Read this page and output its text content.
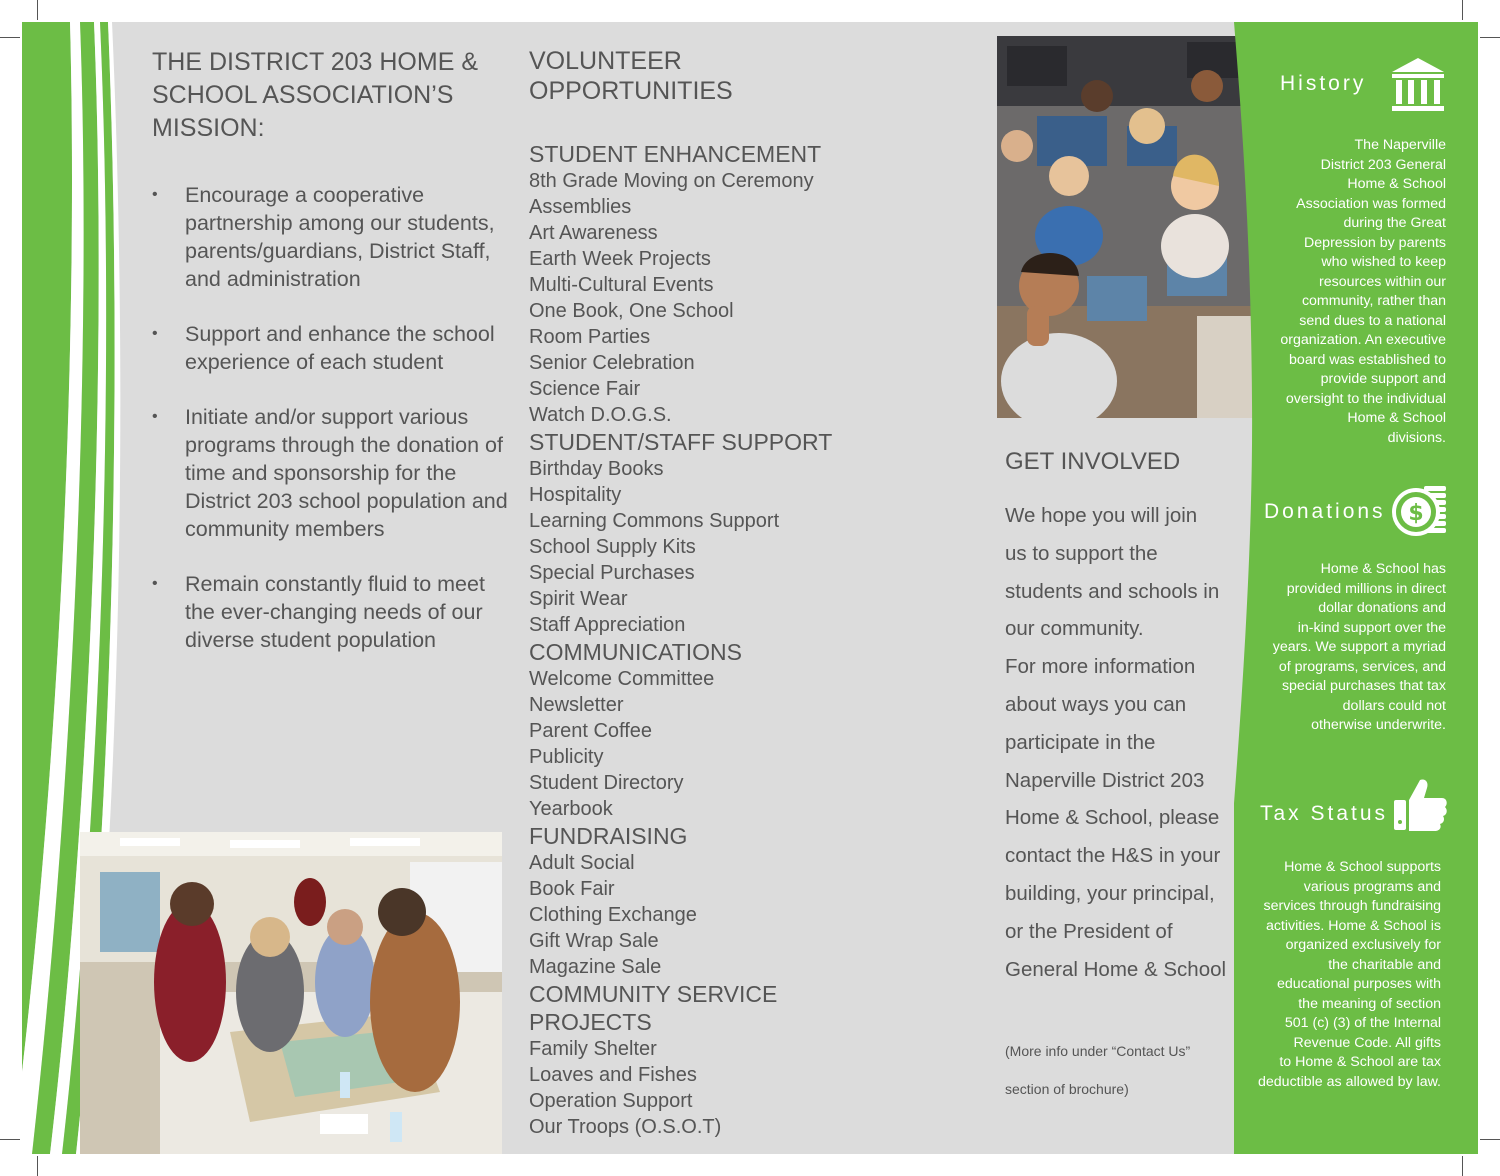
THE DISTRICT 203 HOME & SCHOOL ASSOCIATION’S MISSION:
• Encourage a cooperative partnership among our students, parents/guardians, District Staff, and administration
• Support and enhance the school experience of each student
• Initiate and/or support various programs through the donation of time and sponsorship for the District 203 school population and community members
• Remain constantly fluid to meet the ever-changing needs of our diverse student population
VOLUNTEER OPPORTUNITIES
STUDENT ENHANCEMENT
8th Grade Moving on Ceremony
Assemblies
Art Awareness
Earth Week Projects
Multi-Cultural Events
One Book, One School
Room Parties
Senior Celebration
Science Fair
Watch D.O.G.S.
STUDENT/STAFF SUPPORT
Birthday Books
Hospitality
Learning Commons Support
School Supply Kits
Special Purchases
Spirit Wear
Staff Appreciation
COMMUNICATIONS
Welcome Committee
Newsletter
Parent Coffee
Publicity
Student Directory
Yearbook
FUNDRAISING
Adult Social
Book Fair
Clothing Exchange
Gift Wrap Sale
Magazine Sale
COMMUNITY SERVICE PROJECTS
Family Shelter
Loaves and Fishes
Operation Support
Our Troops (O.S.O.T)
GET INVOLVED
We hope you will join
us to support the
students and schools in
our community.
For more information
about ways you can
participate in the
Naperville District 203
Home & School, please
contact the H&S in your
building, your principal,
or the President of
General Home & School
(More info under “Contact Us”
section of brochure)
History
The Naperville
District 203 General
Home & School
Association was formed
during the Great
Depression by parents
who wished to keep
resources within our
community, rather than
send dues to a national
organization. An executive
board was established to
provide support and
oversight to the individual
Home & School
divisions.
Donations $
Home & School has
provided millions in direct
dollar donations and
in-kind support over the
years. We support a myriad
of programs, services, and
special purchases that tax
dollars could not
otherwise underwrite.
Tax Status
Home & School supports
various programs and
services through fundraising
activities. Home & School is
organized exclusively for
the charitable and
educational purposes with
the meaning of section
501 (c) (3) of the Internal
Revenue Code. All gifts
to Home & School are tax
deductible as allowed by law.
